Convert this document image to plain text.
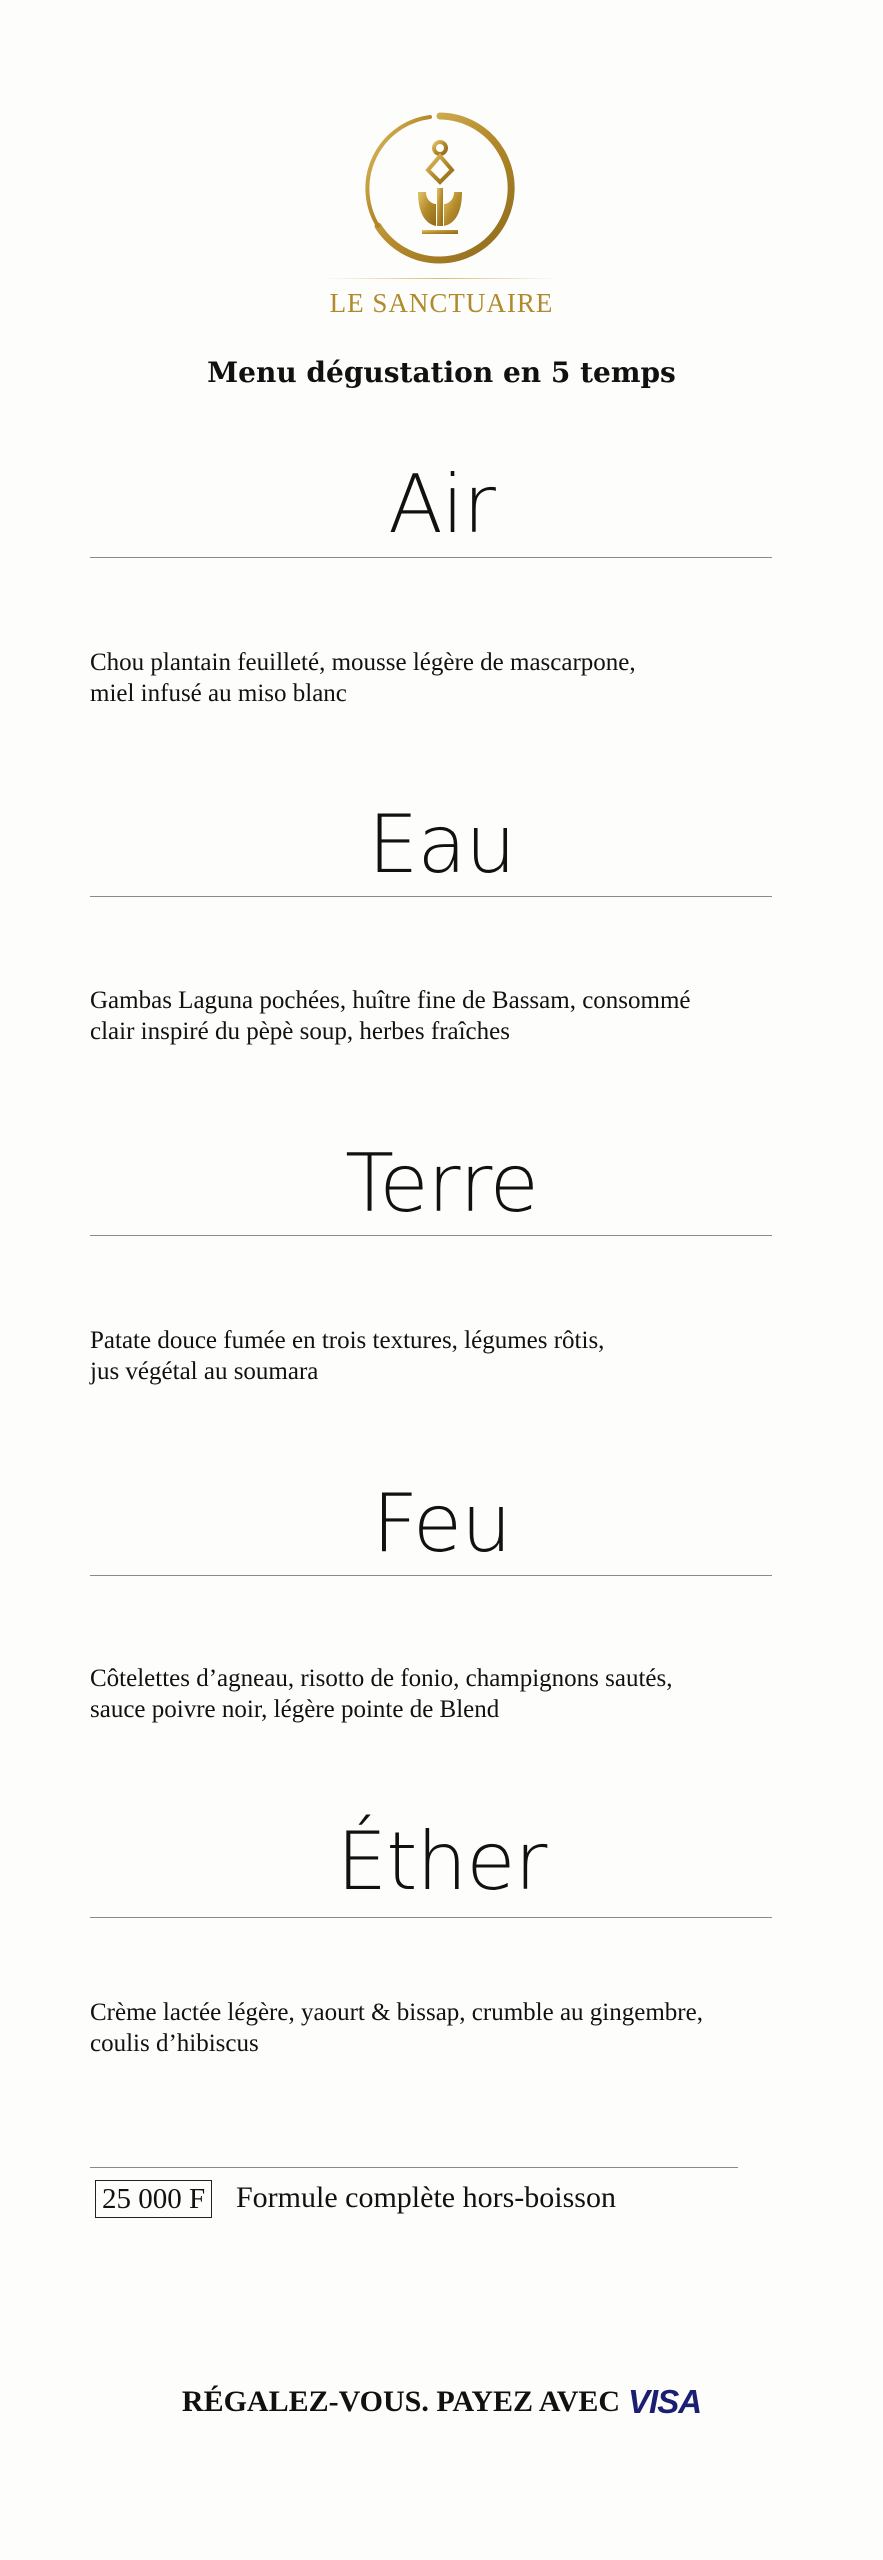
LE SANCTUAIRE
Menu dégustation en 5 temps
Air
Chou plantain feuilleté, mousse légère de mascarpone,
miel infusé au miso blanc
Eau
Gambas Laguna pochées, huître fine de Bassam, consommé
clair inspiré du pèpè soup, herbes fraîches
Terre
Patate douce fumée en trois textures, légumes rôtis,
jus végétal au soumara
Feu
Côtelettes d’agneau, risotto de fonio, champignons sautés,
sauce poivre noir, légère pointe de Blend
Éther
Crème lactée légère, yaourt & bissap, crumble au gingembre,
coulis d’hibiscus
25 000 F Formule complète hors-boisson
RÉGALEZ-VOUS. PAYEZ AVEC VISA
